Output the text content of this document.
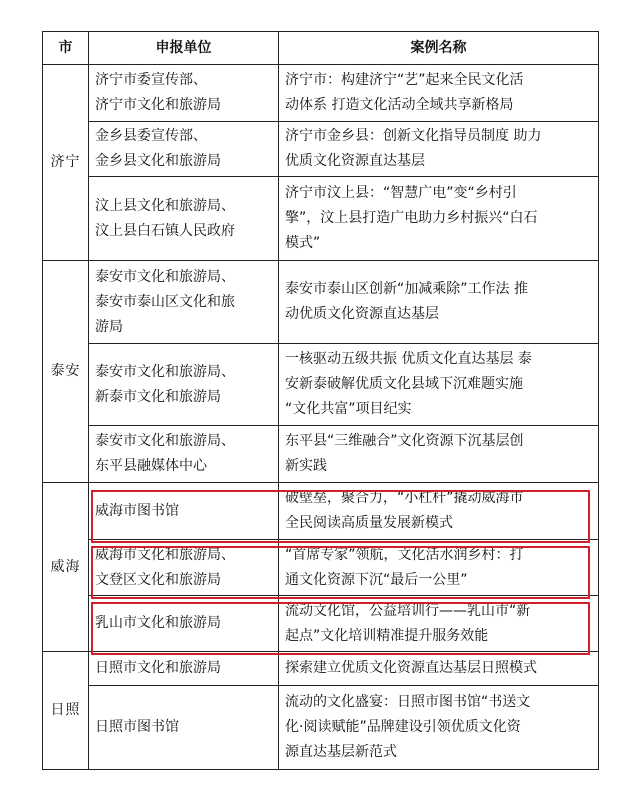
市	申报单位	案例名称
济宁	济宁市委宣传部、
济宁市文化和旅游局	济宁市：构建济宁“艺”起来全民文化活
动体系 打造文化活动全域共享新格局

	金乡县委宣传部、
金乡县文化和旅游局	济宁市金乡县：创新文化指导员制度 助力
优质文化资源直达基层

	汶上县文化和旅游局、
汶上县白石镇人民政府	济宁市汶上县：“智慧广电”变“乡村引
擎”，汶上县打造广电助力乡村振兴“白石
模式”

泰安	泰安市文化和旅游局、
泰安市泰山区文化和旅
游局	泰安市泰山区创新“加减乘除”工作法 推
动优质文化资源直达基层

	泰安市文化和旅游局、
新泰市文化和旅游局	一核驱动五级共振 优质文化直达基层 泰
安新泰破解优质文化县域下沉难题实施
“文化共富”项目纪实

	泰安市文化和旅游局、
东平县融媒体中心	东平县“三维融合”文化资源下沉基层创
新实践

威海	威海市图书馆	破壁垒，聚合力，“小杠杆”撬动威海市
全民阅读高质量发展新模式

	威海市文化和旅游局、
文登区文化和旅游局	“首席专家”领航，文化活水润乡村：打
通文化资源下沉“最后一公里”

	乳山市文化和旅游局	流动文化馆，公益培训行——乳山市“新
起点”文化培训精准提升服务效能

日照	日照市文化和旅游局	探索建立优质文化资源直达基层日照模式

	日照市图书馆	流动的文化盛宴：日照市图书馆“书送文
化·阅读赋能”品牌建设引领优质文化资
源直达基层新范式
